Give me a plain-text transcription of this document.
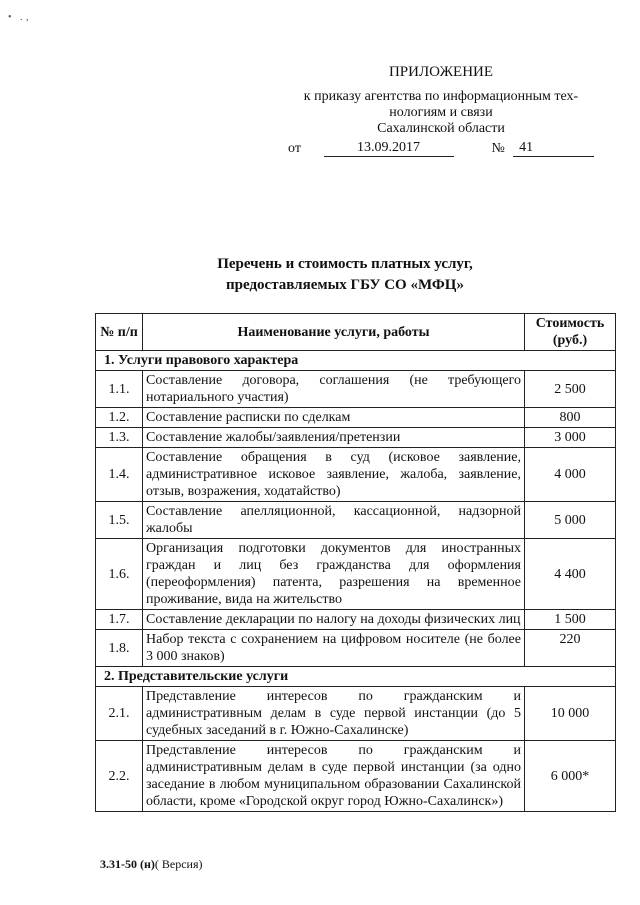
• .‚
ПРИЛОЖЕНИЕ
к приказу агентства по информационным тех-
нологиям и связи
Сахалинской области
от	13.09.2017	№	41
Перечень и стоимость платных услуг,
предоставляемых ГБУ СО «МФЦ»
№ п/п	Наименование услуги, работы	Стоимость (руб.)
1. Услуги правового характера		
1.1.	Составление договора, соглашения (не требующего нотариального участия)	2 500
1.2.	Составление расписки по сделкам	800
1.3.	Составление жалобы/заявления/претензии	3 000
1.4.	Составление обращения в суд (исковое заявление, административное исковое заявление, жалоба, заявление, отзыв, возражения, ходатайство)	4 000
1.5.	Составление апелляционной, кассационной, надзорной жалобы	5 000
1.6.	Организация подготовки документов для иностранных граждан и лиц без гражданства для оформления (переоформления) патента, разрешения на временное проживание, вида на жительство	4 400
1.7.	Составление декларации по налогу на доходы физических лиц	1 500
1.8.	Набор текста с сохранением на цифровом носителе (не более 3 000 знаков)	220
2. Представительские услуги		
2.1.	Представление интересов по гражданским и административным делам в суде первой инстанции (до 5 судебных заседаний в г. Южно-Сахалинске)	10 000
2.2.	Представление интересов по гражданским и административным делам в суде первой инстанции (за одно заседание в любом муниципальном образовании Сахалинской области, кроме «Городской округ город Южно-Сахалинск»)	6 000*
3.31-50 (н)( Версия)
